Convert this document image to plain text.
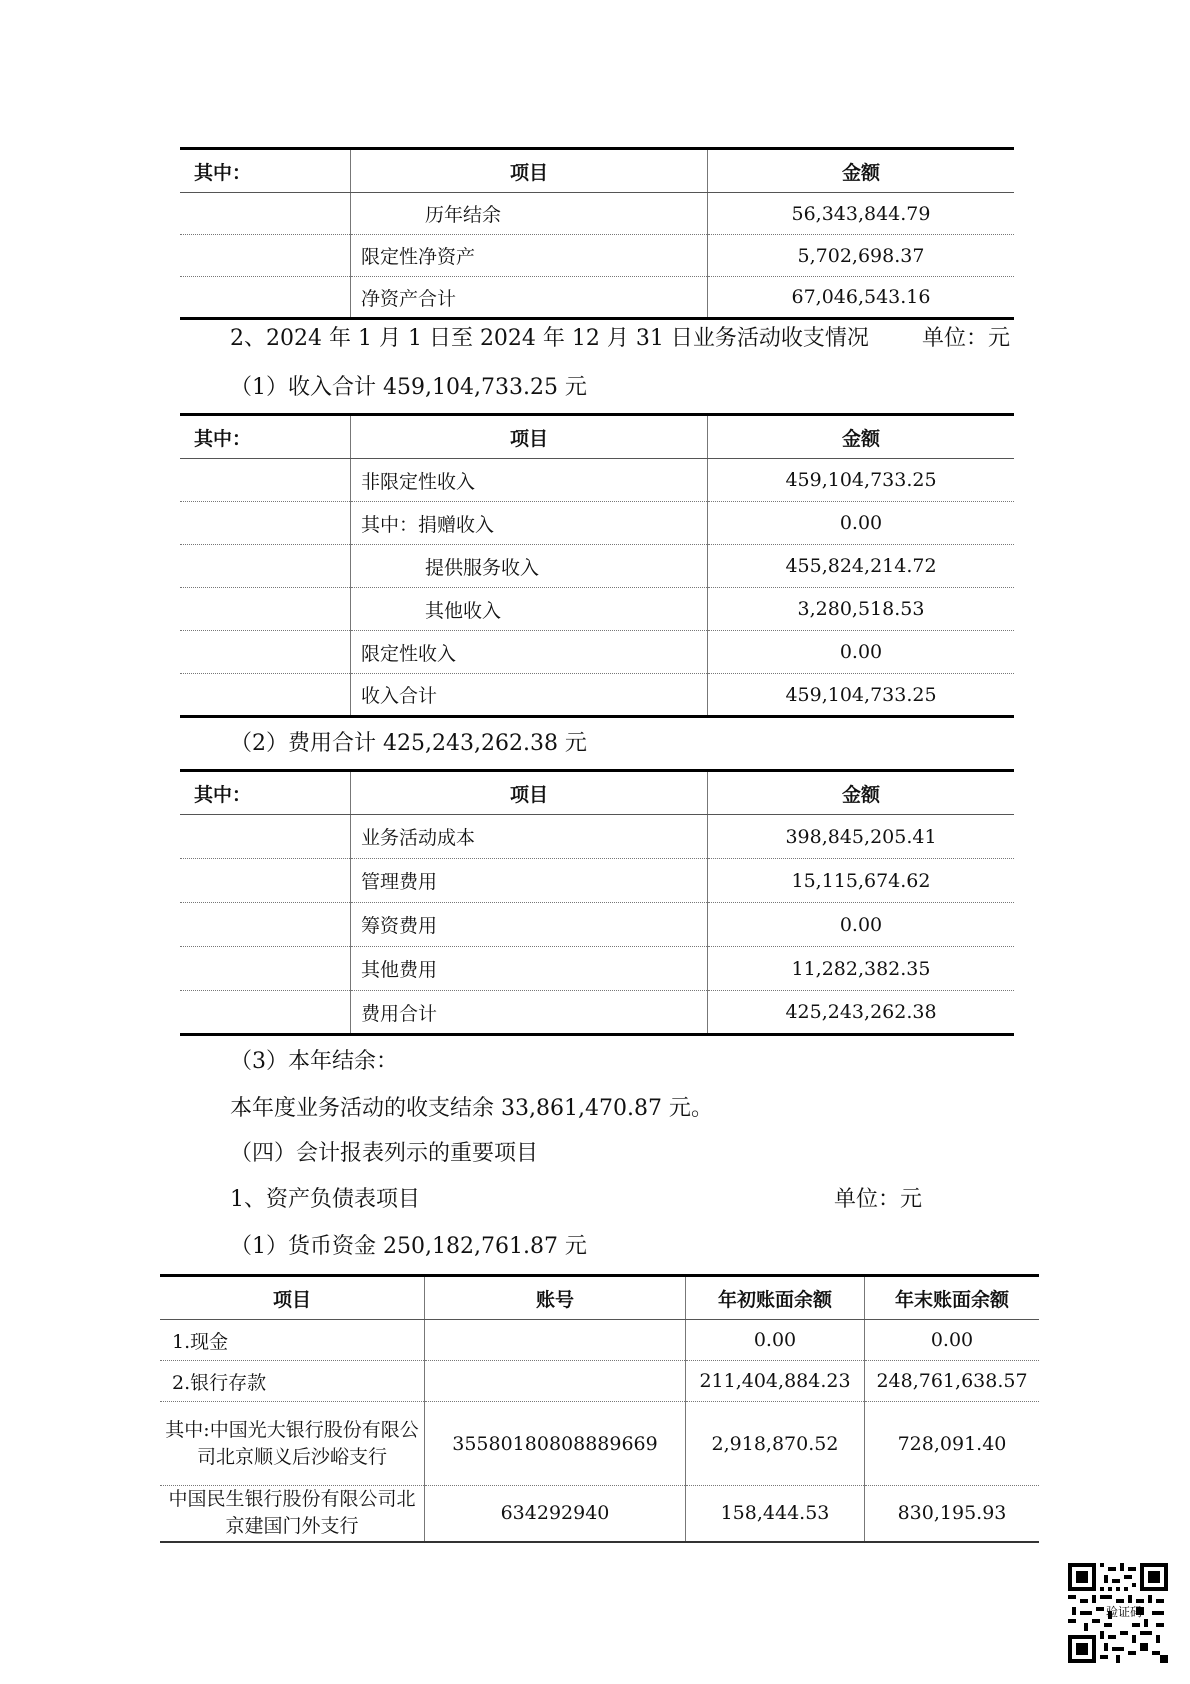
其中：	项目	金额
	历年结余	56,343,844.79
	限定性净资产	5,702,698.37
	净资产合计	67,046,543.16
2、2024 年 1 月 1 日至 2024 年 12 月 31 日业务活动收支情况 单位：元
（1）收入合计 459,104,733.25 元
其中：	项目	金额
	非限定性收入	459,104,733.25
	其中：捐赠收入	0.00
	提供服务收入	455,824,214.72
	其他收入	3,280,518.53
	限定性收入	0.00
	收入合计	459,104,733.25
（2）费用合计 425,243,262.38 元
其中：	项目	金额
	业务活动成本	398,845,205.41
	管理费用	15,115,674.62
	筹资费用	0.00
	其他费用	11,282,382.35
	费用合计	425,243,262.38
（3）本年结余：
本年度业务活动的收支结余 33,861,470.87 元。
（四）会计报表列示的重要项目
1、资产负债表项目	单位：元
（1）货币资金 250,182,761.87 元
项目	账号	年初账面余额	年末账面余额
1.现金		0.00	0.00
2.银行存款		211,404,884.23	248,761,638.57
其中:中国光大银行股份有限公司北京顺义后沙峪支行	35580180808889669	2,918,870.52	728,091.40
中国民生银行股份有限公司北京建国门外支行	634292940	158,444.53	830,195.93
验证码
